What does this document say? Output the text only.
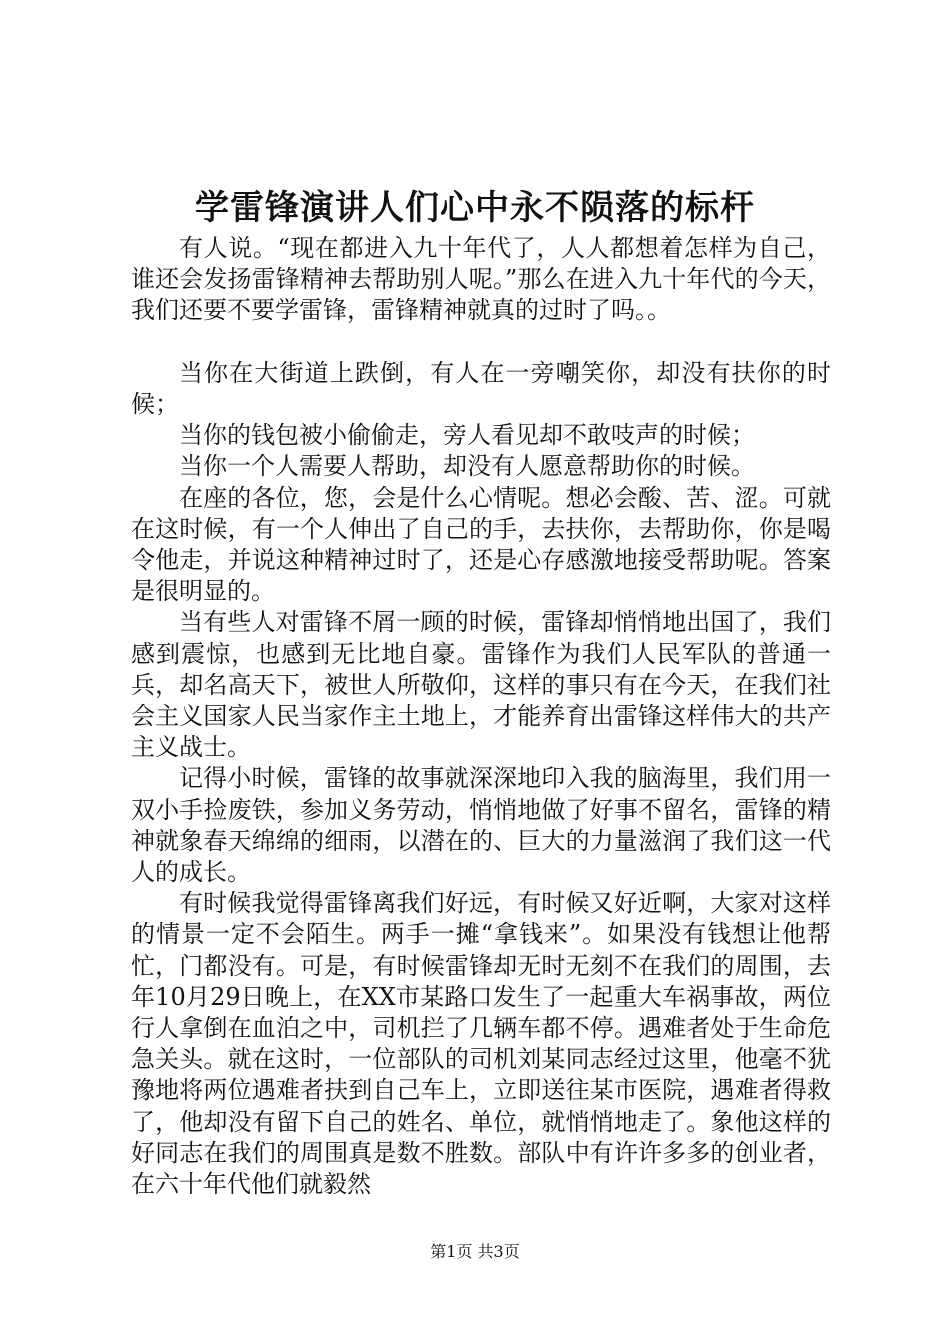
学雷锋演讲人们心中永不陨落的标杆

有人说。“现在都进入九十年代了，人人都想着怎样为自己，谁还会发扬雷锋精神去帮助别人呢。”那么在进入九十年代的今天，我们还要不要学雷锋，雷锋精神就真的过时了吗。。

当你在大街道上跌倒，有人在一旁嘲笑你，却没有扶你的时候；

当你的钱包被小偷偷走，旁人看见却不敢吱声的时候；

当你一个人需要人帮助，却没有人愿意帮助你的时候。

在座的各位，您，会是什么心情呢。想必会酸、苦、涩。可就在这时候，有一个人伸出了自己的手，去扶你，去帮助你，你是喝令他走，并说这种精神过时了，还是心存感激地接受帮助呢。答案是很明显的。

当有些人对雷锋不屑一顾的时候，雷锋却悄悄地出国了，我们感到震惊，也感到无比地自豪。雷锋作为我们人民军队的普通一兵，却名高天下，被世人所敬仰，这样的事只有在今天，在我们社会主义国家人民当家作主土地上，才能养育出雷锋这样伟大的共产主义战士。

记得小时候，雷锋的故事就深深地印入我的脑海里，我们用一双小手捡废铁，参加义务劳动，悄悄地做了好事不留名，雷锋的精神就象春天绵绵的细雨，以潜在的、巨大的力量滋润了我们这一代人的成长。

有时候我觉得雷锋离我们好远，有时候又好近啊，大家对这样的情景一定不会陌生。两手一摊“拿钱来”。如果没有钱想让他帮忙，门都没有。可是，有时候雷锋却无时无刻不在我们的周围，去年10月29日晚上，在XX市某路口发生了一起重大车祸事故，两位行人拿倒在血泊之中，司机拦了几辆车都不停。遇难者处于生命危急关头。就在这时，一位部队的司机刘某同志经过这里，他毫不犹豫地将两位遇难者扶到自己车上，立即送往某市医院，遇难者得救了，他却没有留下自己的姓名、单位，就悄悄地走了。象他这样的好同志在我们的周围真是数不胜数。部队中有许许多多的创业者，在六十年代他们就毅然

第1页 共3页
